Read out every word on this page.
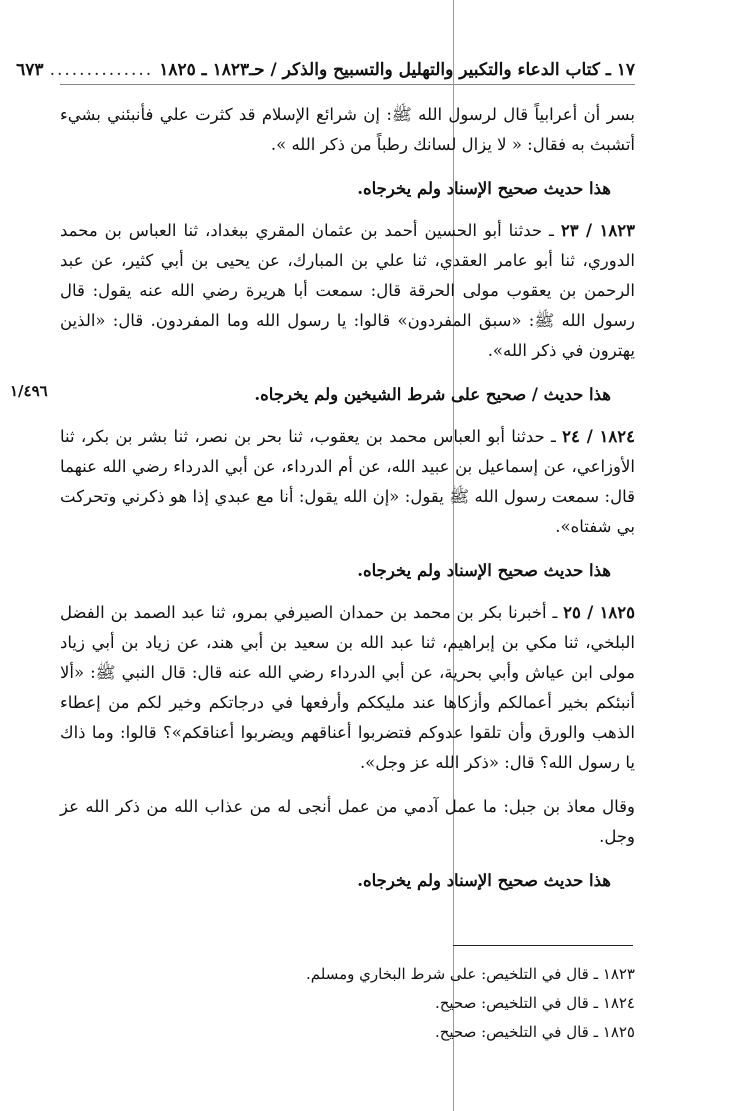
١٧ ـ كتاب الدعاء والتكبير والتهليل والتسبيح والذكر / حـ١٨٢٣ ـ ١٨٢٥
..............
٦٧٣
١/٤٩٦

بسر أن أعرابياً قال لرسول الله ﷺ: إن شرائع الإسلام قد كثرت علي فأنبئني بشيء أتشبث به فقال: « لا يزال لسانك رطباً من ذكر الله ».

هذا حديث صحيح الإسناد ولم يخرجاه.

١٨٢٣ / ٢٣ ـ حدثنا أبو الحسين أحمد بن عثمان المقري ببغداد، ثنا العباس بن محمد الدوري، ثنا أبو عامر العقدي، ثنا علي بن المبارك، عن يحيى بن أبي كثير، عن عبد الرحمن بن يعقوب مولى الحرقة قال: سمعت أبا هريرة رضي الله عنه يقول: قال رسول الله ﷺ: «سبق المفردون» قالوا: يا رسول الله وما المفردون. قال: «الذين يهترون في ذكر الله».

هذا حديث / صحيح على شرط الشيخين ولم يخرجاه.

١٨٢٤ / ٢٤ ـ حدثنا أبو العباس محمد بن يعقوب، ثنا بحر بن نصر، ثنا بشر بن بكر، ثنا الأوزاعي، عن إسماعيل بن عبيد الله، عن أم الدرداء، عن أبي الدرداء رضي الله عنهما قال: سمعت رسول الله ﷺ يقول: «إن الله يقول: أنا مع عبدي إذا هو ذكرني وتحركت بي شفتاه».

هذا حديث صحيح الإسناد ولم يخرجاه.

١٨٢٥ / ٢٥ ـ أخبرنا بكر بن محمد بن حمدان الصيرفي بمرو، ثنا عبد الصمد بن الفضل البلخي، ثنا مكي بن إبراهيم، ثنا عبد الله بن سعيد بن أبي هند، عن زياد بن أبي زياد مولى ابن عياش وأبي بحرية، عن أبي الدرداء رضي الله عنه قال: قال النبي ﷺ: «ألا أنبئكم بخير أعمالكم وأزكاها عند مليككم وأرفعها في درجاتكم وخير لكم من إعطاء الذهب والورق وأن تلقوا عدوكم فتضربوا أعناقهم ويضربوا أعناقكم»؟ قالوا: وما ذاك يا رسول الله؟ قال: «ذكر الله عز وجل».

وقال معاذ بن جبل: ما عمل آدمي من عمل أنجى له من عذاب الله من ذكر الله عز وجل.

هذا حديث صحيح الإسناد ولم يخرجاه.

١٨٢٣ ـ قال في التلخيص: على شرط البخاري ومسلم.
١٨٢٤ ـ قال في التلخيص: صحيح.
١٨٢٥ ـ قال في التلخيص: صحيح.
